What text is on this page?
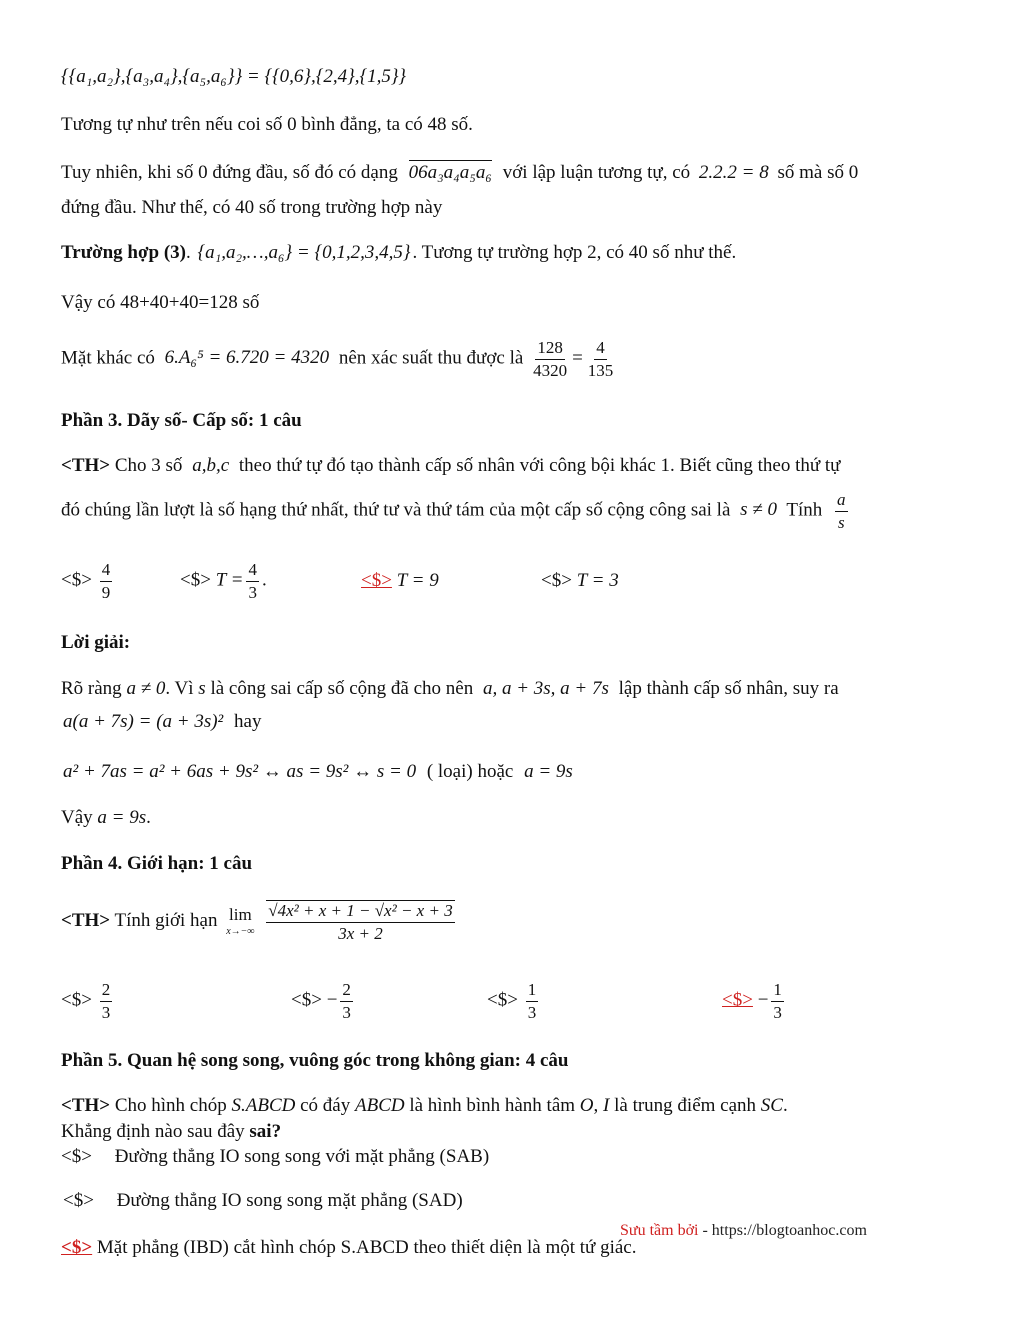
{{a₁,a₂},{a₃,a₄},{a₅,a₆}} = {{0,6},{2,4},{1,5}}
Tương tự như trên nếu coi số 0 bình đẳng, ta có 48 số.
Tuy nhiên, khi số 0 đứng đầu, số đó có dạng 06a₃a₄a₅a₆ với lập luận tương tự, có 2.2.2 = 8 số mà số 0
đứng đầu. Như thế, có 40 số trong trường hợp này
Trường hợp (3). {a₁,a₂,…,a₆} = {0,1,2,3,4,5} . Tương tự trường hợp 2, có 40 số như thế.
Vậy có 48+40+40=128 số
Mặt khác có 6.A₆⁵ = 6.720 = 4320 nên xác suất thu được là $\frac{128}{4320} = \frac{4}{135}$
Phần 3. Dãy số- Cấp số: 1 câu
<TH> Cho 3 số a,b,c theo thứ tự đó tạo thành cấp số nhân với công bội khác 1. Biết cũng theo thứ tự
đó chúng lần lượt là số hạng thứ nhất, thứ tư và thứ tám của một cấp số cộng công sai là s ≠ 0 Tính $\frac{a}{s}$
<$> $\frac{4}{9}$	<$> $T = \frac{4}{3}$ .	<$> T = 9	<$> T = 3
Lời giải:
Rõ ràng a ≠ 0. Vì s là công sai cấp số cộng đã cho nên a, a + 3s, a + 7s lập thành cấp số nhân, suy ra
a(a + 7s) = (a + 3s)² hay
a² + 7as = a² + 6as + 9s² ↔ as = 9s² ↔ s = 0 ( loại) hoặc a = 9s
Vậy a = 9s.
Phần 4. Giới hạn: 1 câu
<TH> Tính giới hạn lim
x→−∞
$\frac{\text{√4x² + x + 1 − √x² − x + 3}}{3x + 2}$
<$> $\frac{2}{3}$	<$> − $\frac{2}{3}$	<$> $\frac{1}{3}$	<$> − $\frac{1}{3}$
Phần 5. Quan hệ song song, vuông góc trong không gian: 4 câu
<TH> Cho hình chóp S.ABCD có đáy ABCD là hình bình hành tâm O, I là trung điểm cạnh SC.
Khẳng định nào sau đây sai?
<$> Đường thẳng IO song song với mặt phẳng (SAB)
<$> Đường thẳng IO song song mặt phẳng (SAD)
<$> Mặt phẳng (IBD) cắt hình chóp S.ABCD theo thiết diện là một tứ giác.
Sưu tầm bởi - https://blogtoanhoc.com
